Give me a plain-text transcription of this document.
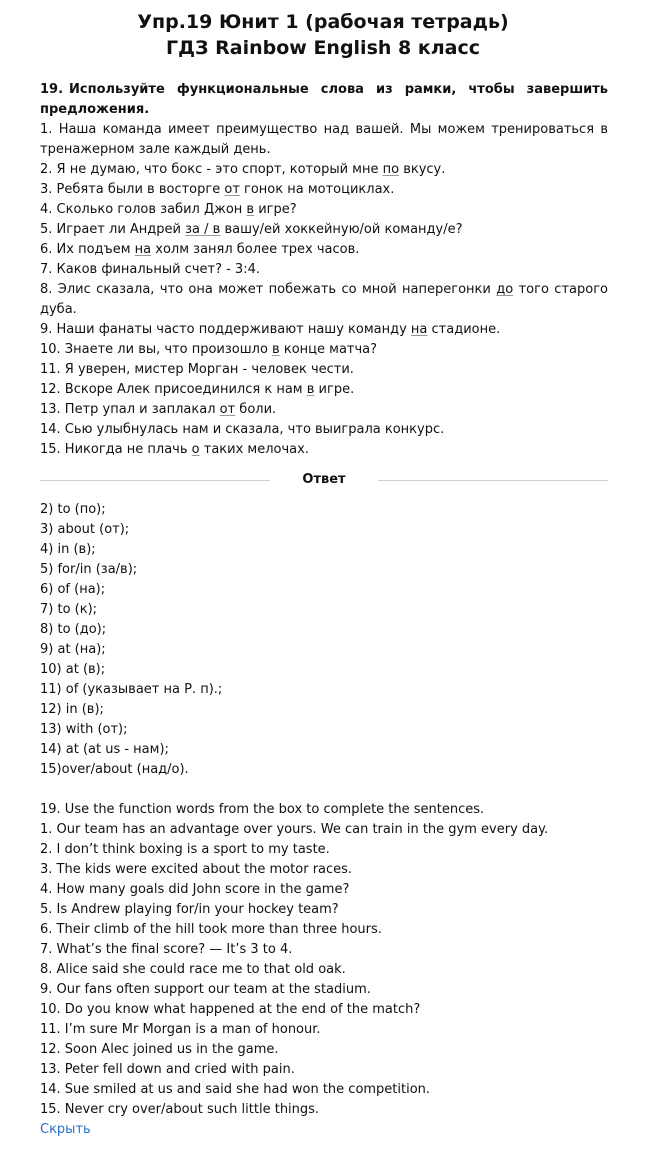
Упр.19 Юнит 1 (рабочая тетрадь)
ГДЗ Rainbow English 8 класс
19. Используйте функциональные слова из рамки, чтобы завершить предложения.
1. Наша команда имеет преимущество над вашей. Мы можем тренироваться в тренажерном зале каждый день.
2. Я не думаю, что бокс - это спорт, который мне по вкусу.
3. Ребята были в восторге от гонок на мотоциклах.
4. Сколько голов забил Джон в игре?
5. Играет ли Андрей за / в вашу/ей хоккейную/ой команду/е?
6. Их подъем на холм занял более трех часов.
7. Каков финальный счет? - 3:4.
8. Элис сказала, что она может побежать со мной наперегонки до того старого дуба.
9. Наши фанаты часто поддерживают нашу команду на стадионе.
10. Знаете ли вы, что произошло в конце матча?
11. Я уверен, мистер Морган - человек чести.
12. Вскоре Алек присоединился к нам в игре.
13. Петр упал и заплакал от боли.
14. Сью улыбнулась нам и сказала, что выиграла конкурс.
15. Никогда не плачь о таких мелочах.
Ответ
2) to (по);
3) about (от);
4) in (в);
5) for/in (за/в);
6) of (на);
7) to (к);
8) to (до);
9) at (на);
10) at (в);
11) of (указывает на Р. п).;
12) in (в);
13) with (от);
14) at (at us - нам);
15)over/about (над/о).
19. Use the function words from the box to complete the sentences.
1. Our team has an advantage over yours. We can train in the gym every day.
2. I don’t think boxing is a sport to my taste.
3. The kids were excited about the motor races.
4. How many goals did John score in the game?
5. Is Andrew playing for/in your hockey team?
6. Their climb of the hill took more than three hours.
7. What’s the final score? — It’s 3 to 4.
8. Alice said she could race me to that old oak.
9. Our fans often support our team at the stadium.
10. Do you know what happened at the end of the match?
11. I’m sure Mr Morgan is a man of honour.
12. Soon Alec joined us in the game.
13. Peter fell down and cried with pain.
14. Sue smiled at us and said she had won the competition.
15. Never cry over/about such little things.
Скрыть
